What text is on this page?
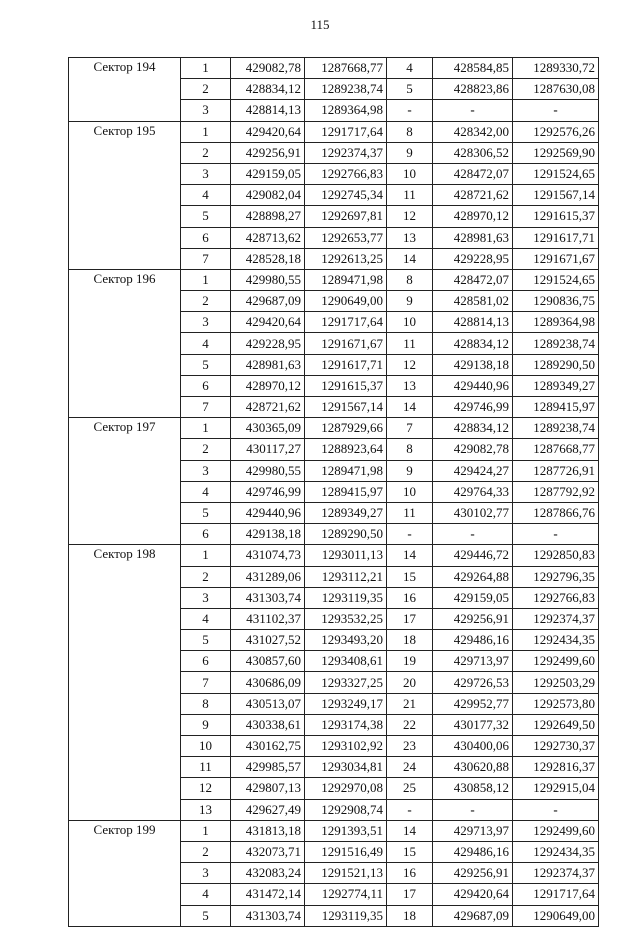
115
Сектор 194	1	429082,78	1287668,77	4	428584,85	1289330,72
	2	428834,12	1289238,74	5	428823,86	1287630,08
	3	428814,13	1289364,98	-	-	-
Сектор 195	1	429420,64	1291717,64	8	428342,00	1292576,26
	2	429256,91	1292374,37	9	428306,52	1292569,90
	3	429159,05	1292766,83	10	428472,07	1291524,65
	4	429082,04	1292745,34	11	428721,62	1291567,14
	5	428898,27	1292697,81	12	428970,12	1291615,37
	6	428713,62	1292653,77	13	428981,63	1291617,71
	7	428528,18	1292613,25	14	429228,95	1291671,67
Сектор 196	1	429980,55	1289471,98	8	428472,07	1291524,65
	2	429687,09	1290649,00	9	428581,02	1290836,75
	3	429420,64	1291717,64	10	428814,13	1289364,98
	4	429228,95	1291671,67	11	428834,12	1289238,74
	5	428981,63	1291617,71	12	429138,18	1289290,50
	6	428970,12	1291615,37	13	429440,96	1289349,27
	7	428721,62	1291567,14	14	429746,99	1289415,97
Сектор 197	1	430365,09	1287929,66	7	428834,12	1289238,74
	2	430117,27	1288923,64	8	429082,78	1287668,77
	3	429980,55	1289471,98	9	429424,27	1287726,91
	4	429746,99	1289415,97	10	429764,33	1287792,92
	5	429440,96	1289349,27	11	430102,77	1287866,76
	6	429138,18	1289290,50	-	-	-
Сектор 198	1	431074,73	1293011,13	14	429446,72	1292850,83
	2	431289,06	1293112,21	15	429264,88	1292796,35
	3	431303,74	1293119,35	16	429159,05	1292766,83
	4	431102,37	1293532,25	17	429256,91	1292374,37
	5	431027,52	1293493,20	18	429486,16	1292434,35
	6	430857,60	1293408,61	19	429713,97	1292499,60
	7	430686,09	1293327,25	20	429726,53	1292503,29
	8	430513,07	1293249,17	21	429952,77	1292573,80
	9	430338,61	1293174,38	22	430177,32	1292649,50
	10	430162,75	1293102,92	23	430400,06	1292730,37
	11	429985,57	1293034,81	24	430620,88	1292816,37
	12	429807,13	1292970,08	25	430858,12	1292915,04
	13	429627,49	1292908,74	-	-	-
Сектор 199	1	431813,18	1291393,51	14	429713,97	1292499,60
	2	432073,71	1291516,49	15	429486,16	1292434,35
	3	432083,24	1291521,13	16	429256,91	1292374,37
	4	431472,14	1292774,11	17	429420,64	1291717,64
	5	431303,74	1293119,35	18	429687,09	1290649,00
